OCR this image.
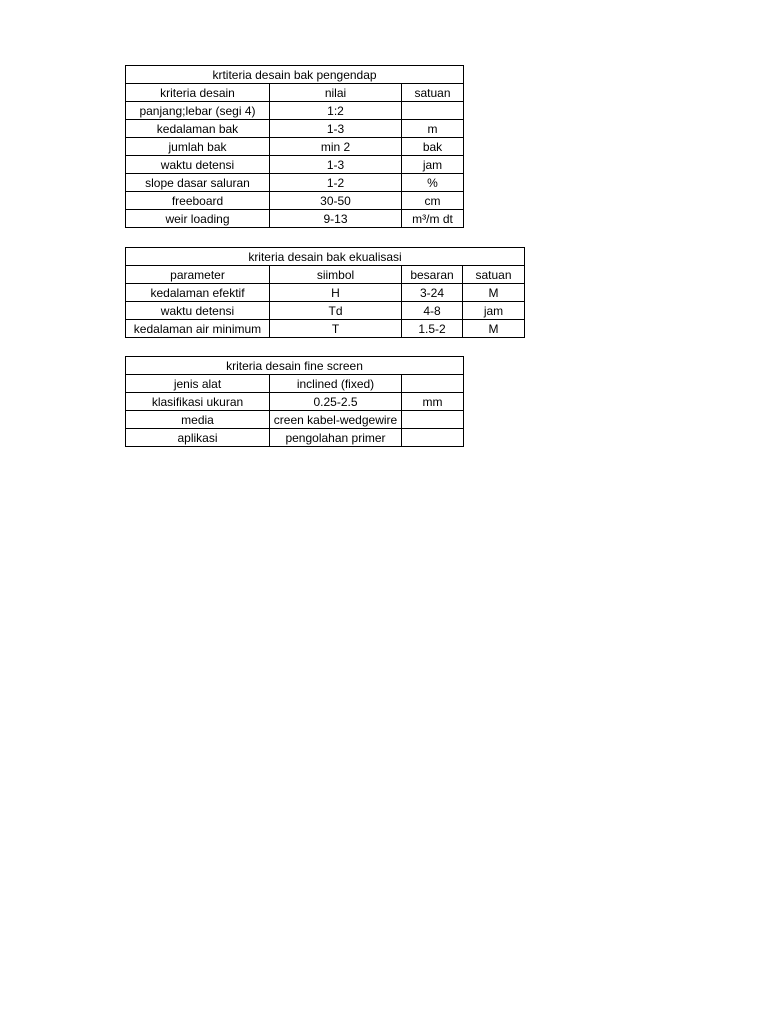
krtiteria desain bak pengendap		
kriteria desain	nilai	satuan
panjang;lebar (segi 4)	1:2	
kedalaman bak	1-3	m
jumlah bak	min 2	bak
waktu detensi	1-3	jam
slope dasar saluran	1-2	%
freeboard	30-50	cm
weir loading	9-13	m³/m dt
kriteria desain bak ekualisasi			
parameter	siimbol	besaran	satuan
kedalaman efektif	H	3-24	M
waktu detensi	Td	4-8	jam
kedalaman air minimum	T	1.5-2	M
kriteria desain fine screen		
jenis alat	inclined (fixed)	
klasifikasi ukuran	0.25-2.5	mm
media	creen kabel-wedgewire	
aplikasi	pengolahan primer	
